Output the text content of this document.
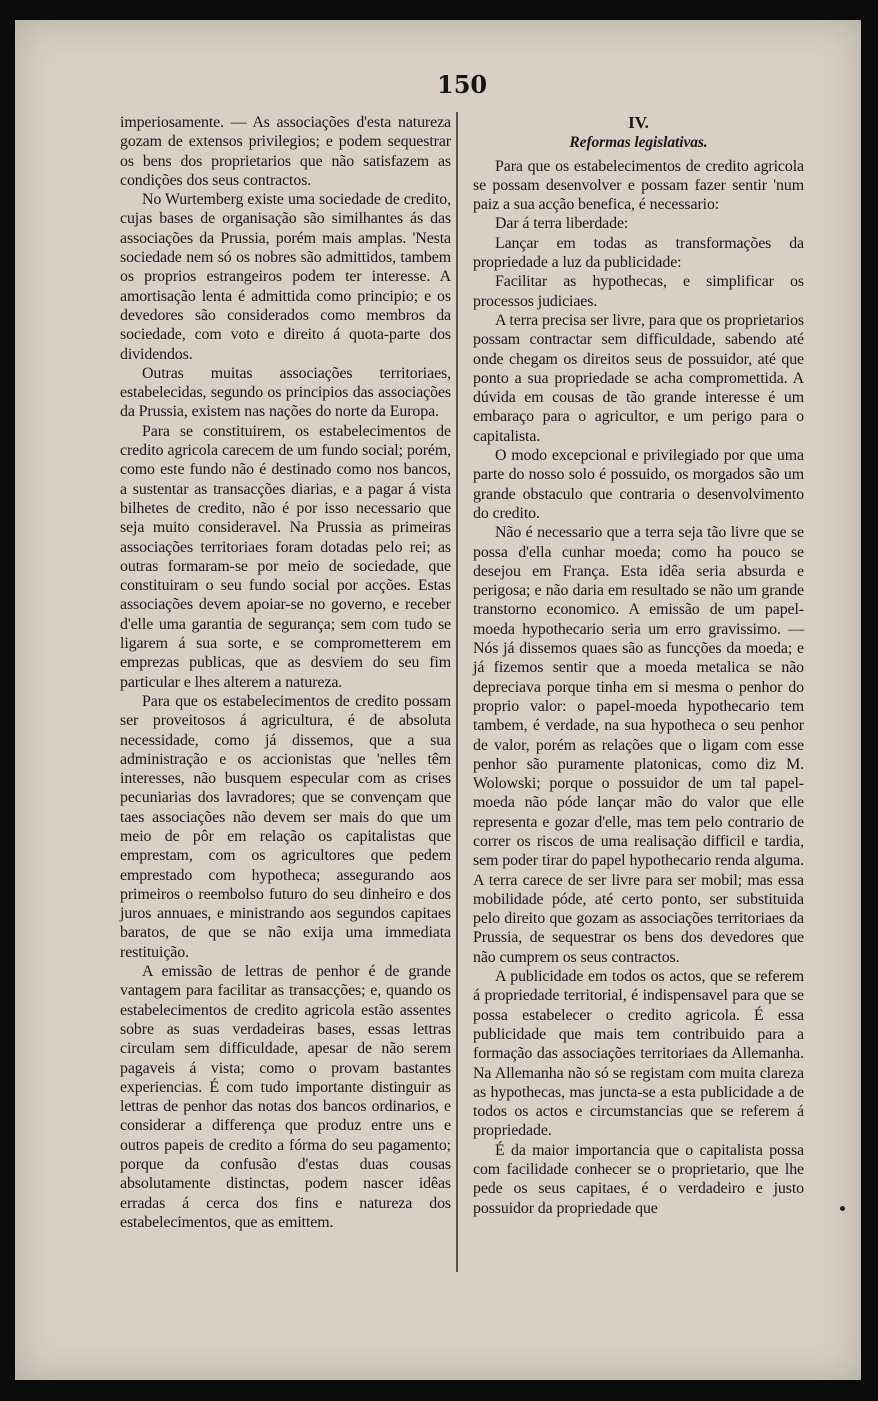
150

imperiosamente. — As associações d'esta natureza gozam de extensos privilegios; e podem sequestrar os bens dos proprietarios que não satisfazem as condições dos seus contractos.

No Wurtemberg existe uma sociedade de credito, cujas bases de organisação são similhantes ás das associações da Prussia, porém mais amplas. 'Nesta sociedade nem só os nobres são admittidos, tambem os proprios estrangeiros podem ter interesse. A amortisação lenta é admittida como principio; e os devedores são considerados como membros da sociedade, com voto e direito á quota-parte dos dividendos.

Outras muitas associações territoriaes, estabelecidas, segundo os principios das associações da Prussia, existem nas nações do norte da Europa.

Para se constituirem, os estabelecimentos de credito agricola carecem de um fundo social; porém, como este fundo não é destinado como nos bancos, a sustentar as transacções diarias, e a pagar á vista bilhetes de credito, não é por isso necessario que seja muito consideravel. Na Prussia as primeiras associações territoriaes foram dotadas pelo rei; as outras formaram-se por meio de sociedade, que constituiram o seu fundo social por acções. Estas associações devem apoiar-se no governo, e receber d'elle uma garantia de segurança; sem com tudo se ligarem á sua sorte, e se comprometterem em emprezas publicas, que as desviem do seu fim particular e lhes alterem a natureza.

Para que os estabelecimentos de credito possam ser proveitosos á agricultura, é de absoluta necessidade, como já dissemos, que a sua administração e os accionistas que 'nelles têm interesses, não busquem especular com as crises pecuniarias dos lavradores; que se convençam que taes associações não devem ser mais do que um meio de pôr em relação os capitalistas que emprestam, com os agricultores que pedem emprestado com hypotheca; assegurando aos primeiros o reembolso futuro do seu dinheiro e dos juros annuaes, e ministrando aos segundos capitaes baratos, de que se não exija uma immediata restituição.

A emissão de lettras de penhor é de grande vantagem para facilitar as transacções; e, quando os estabelecimentos de credito agricola estão assentes sobre as suas verdadeiras bases, essas lettras circulam sem difficuldade, apesar de não serem pagaveis á vista; como o provam bastantes experiencias. É com tudo importante distinguir as lettras de penhor das notas dos bancos ordinarios, e considerar a differença que produz entre uns e outros papeis de credito a fórma do seu pagamento; porque da confusão d'estas duas cousas absolutamente distinctas, podem nascer idêas erradas á cerca dos fins e natureza dos estabelecimentos, que as emittem.

IV.
Reformas legislativas.

Para que os estabelecimentos de credito agricola se possam desenvolver e possam fazer sentir 'num paiz a sua acção benefica, é necessario:

Dar á terra liberdade:

Lançar em todas as transformações da propriedade a luz da publicidade:

Facilitar as hypothecas, e simplificar os processos judiciaes.

A terra precisa ser livre, para que os proprietarios possam contractar sem difficuldade, sabendo até onde chegam os direitos seus de possuidor, até que ponto a sua propriedade se acha compromettida. A dúvida em cousas de tão grande interesse é um embaraço para o agricultor, e um perigo para o capitalista.

O modo excepcional e privilegiado por que uma parte do nosso solo é possuido, os morgados são um grande obstaculo que contraria o desenvolvimento do credito.

Não é necessario que a terra seja tão livre que se possa d'ella cunhar moeda; como ha pouco se desejou em França. Esta idêa seria absurda e perigosa; e não daria em resultado se não um grande transtorno economico. A emissão de um papel-moeda hypothecario seria um erro gravissimo. — Nós já dissemos quaes são as funcções da moeda; e já fizemos sentir que a moeda metalica se não depreciava porque tinha em si mesma o penhor do proprio valor: o papel-moeda hypothecario tem tambem, é verdade, na sua hypotheca o seu penhor de valor, porém as relações que o ligam com esse penhor são puramente platonicas, como diz M. Wolowski; porque o possuidor de um tal papel-moeda não póde lançar mão do valor que elle representa e gozar d'elle, mas tem pelo contrario de correr os riscos de uma realisação difficil e tardia, sem poder tirar do papel hypothecario renda alguma. A terra carece de ser livre para ser mobil; mas essa mobilidade póde, até certo ponto, ser substituida pelo direito que gozam as associações territoriaes da Prussia, de sequestrar os bens dos devedores que não cumprem os seus contractos.

A publicidade em todos os actos, que se referem á propriedade territorial, é indispensavel para que se possa estabelecer o credito agricola. É essa publicidade que mais tem contribuido para a formação das associações territoriaes da Allemanha. Na Allemanha não só se registam com muita clareza as hypothecas, mas juncta-se a esta publicidade a de todos os actos e circumstancias que se referem á propriedade.

É da maior importancia que o capitalista possa com facilidade conhecer se o proprietario, que lhe pede os seus capitaes, é o verdadeiro e justo possuidor da propriedade que
